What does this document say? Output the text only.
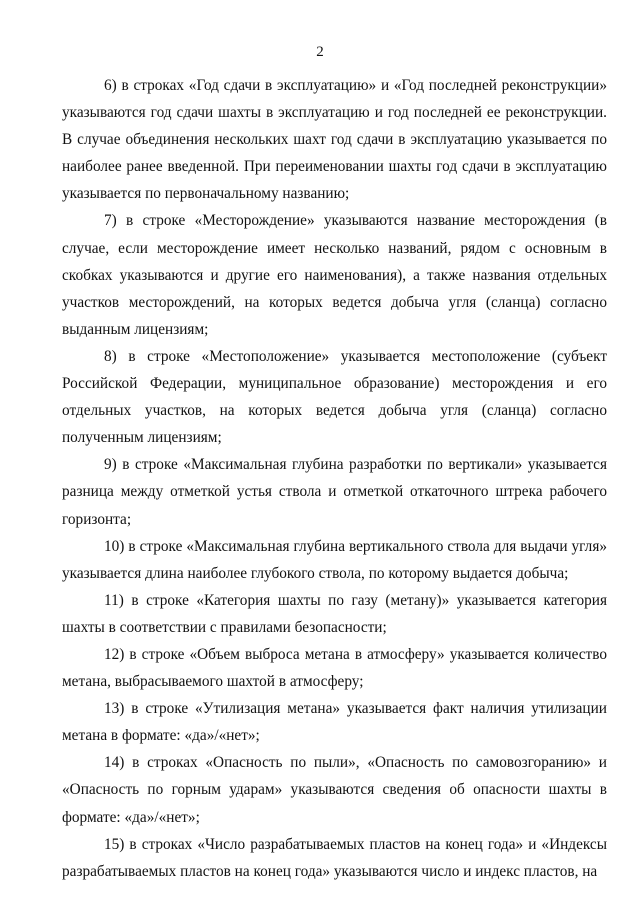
2

6) в строках «Год сдачи в эксплуатацию» и «Год последней реконструкции» указываются год сдачи шахты в эксплуатацию и год последней ее реконструкции. В случае объединения нескольких шахт год сдачи в эксплуатацию указывается по наиболее ранее введенной. При переименовании шахты год сдачи в эксплуатацию указывается по первоначальному названию;

7) в строке «Месторождение» указываются название месторождения (в случае, если месторождение имеет несколько названий, рядом с основным в скобках указываются и другие его наименования), а также названия отдельных участков месторождений, на которых ведется добыча угля (сланца) согласно выданным лицензиям;

8) в строке «Местоположение» указывается местоположение (субъект Российской Федерации, муниципальное образование) месторождения и его отдельных участков, на которых ведется добыча угля (сланца) согласно полученным лицензиям;

9) в строке «Максимальная глубина разработки по вертикали» указывается разница между отметкой устья ствола и отметкой откаточного штрека рабочего горизонта;

10) в строке «Максимальная глубина вертикального ствола для выдачи угля» указывается длина наиболее глубокого ствола, по которому выдается добыча;

11) в строке «Категория шахты по газу (метану)» указывается категория шахты в соответствии с правилами безопасности;

12) в строке «Объем выброса метана в атмосферу» указывается количество метана, выбрасываемого шахтой в атмосферу;

13) в строке «Утилизация метана» указывается факт наличия утилизации метана в формате: «да»/«нет»;

14) в строках «Опасность по пыли», «Опасность по самовозгоранию» и «Опасность по горным ударам» указываются сведения об опасности шахты в формате: «да»/«нет»;

15) в строках «Число разрабатываемых пластов на конец года» и «Индексы разрабатываемых пластов на конец года» указываются число и индекс пластов, на
